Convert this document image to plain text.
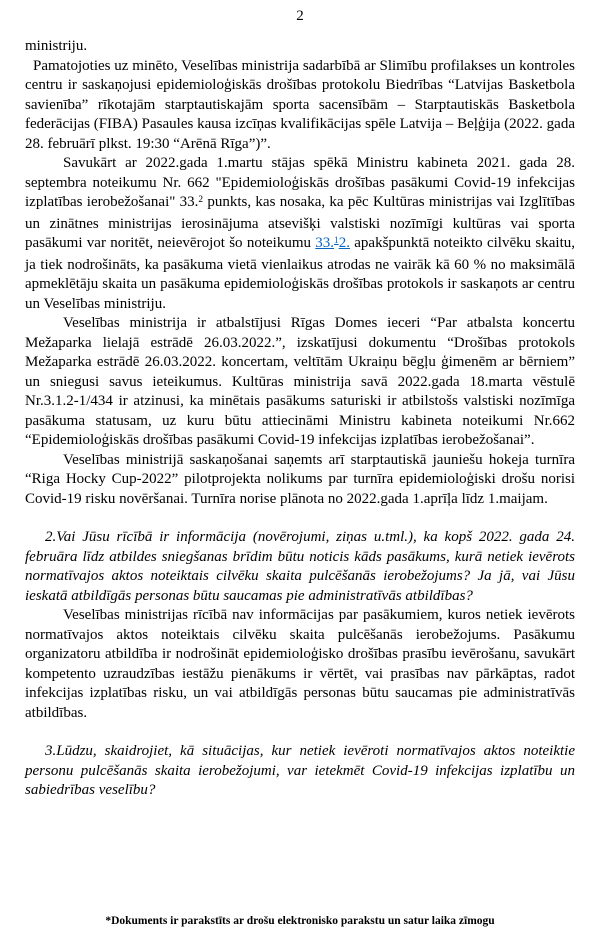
2

ministriju.

Pamatojoties uz minēto, Veselības ministrija sadarbībā ar Slimību profilakses un kontroles centru ir saskaņojusi epidemioloģiskās drošības protokolu Biedrības “Latvijas Basketbola savienība” rīkotajām starptautiskajām sporta sacensībām – Starptautiskās Basketbola federācijas (FIBA) Pasaules kausa izcīņas kvalifikācijas spēle Latvija – Beļģija (2022. gada 28. februārī plkst. 19:30 “Arēnā Rīga”)”.

Savukārt ar 2022.gada 1.martu stājas spēkā Ministru kabineta 2021. gada 28. septembra noteikumu Nr. 662 "Epidemioloģiskās drošības pasākumi Covid-19 infekcijas izplatības ierobežošanai" 33.$^2$ punkts, kas nosaka, ka pēc Kultūras ministrijas vai Izglītības un zinātnes ministrijas ierosinājuma atsevišķi valstiski nozīmīgi kultūras vai sporta pasākumi var noritēt, neievērojot šo noteikumu 33.$^1$2. apakšpunktā noteikto cilvēku skaitu, ja tiek nodrošināts, ka pasākuma vietā vienlaikus atrodas ne vairāk kā 60 % no maksimālā apmeklētāju skaita un pasākuma epidemioloģiskās drošības protokols ir saskaņots ar centru un Veselības ministriju.

Veselības ministrija ir atbalstījusi Rīgas Domes ieceri “Par atbalsta koncertu Mežaparka lielajā estrādē 26.03.2022.”, izskatījusi dokumentu “Drošības protokols Mežaparka estrādē 26.03.2022. koncertam, veltītām Ukraiņu bēgļu ģimenēm ar bērniem” un sniegusi savus ieteikumus. Kultūras ministrija savā 2022.gada 18.marta vēstulē Nr.3.1.2-1/434 ir atzinusi, ka minētais pasākums saturiski ir atbilstošs valstiski nozīmīga pasākuma statusam, uz kuru būtu attiecināmi Ministru kabineta noteikumi Nr.662 “Epidemioloģiskās drošības pasākumi Covid-19 infekcijas izplatības ierobežošanai”.

Veselības ministrijā saskaņošanai saņemts arī starptautiskā jauniešu hokeja turnīra “Riga Hocky Cup-2022” pilotprojekta nolikums par turnīra epidemioloģiski drošu norisi Covid-19 risku novēršanai. Turnīra norise plānota no 2022.gada 1.aprīļa līdz 1.maijam.

2.Vai Jūsu rīcībā ir informācija (novērojumi, ziņas u.tml.), ka kopš 2022. gada 24. februāra līdz atbildes sniegšanas brīdim būtu noticis kāds pasākums, kurā netiek ievērots normatīvajos aktos noteiktais cilvēku skaita pulcēšanās ierobežojums? Ja jā, vai Jūsu ieskatā atbildīgās personas būtu saucamas pie administratīvās atbildības?

Veselības ministrijas rīcībā nav informācijas par pasākumiem, kuros netiek ievērots normatīvajos aktos noteiktais cilvēku skaita pulcēšanās ierobežojums. Pasākumu organizatoru atbildība ir nodrošināt epidemioloģisko drošības prasību ievērošanu, savukārt kompetento uzraudzības iestāžu pienākums ir vērtēt, vai prasības nav pārkāptas, radot infekcijas izplatības risku, un vai atbildīgās personas būtu saucamas pie administratīvās atbildības.

3.Lūdzu, skaidrojiet, kā situācijas, kur netiek ievēroti normatīvajos aktos noteiktie personu pulcēšanās skaita ierobežojumi, var ietekmēt Covid-19 infekcijas izplatību un sabiedrības veselību?

*Dokuments ir parakstīts ar drošu elektronisko parakstu un satur laika zīmogu
